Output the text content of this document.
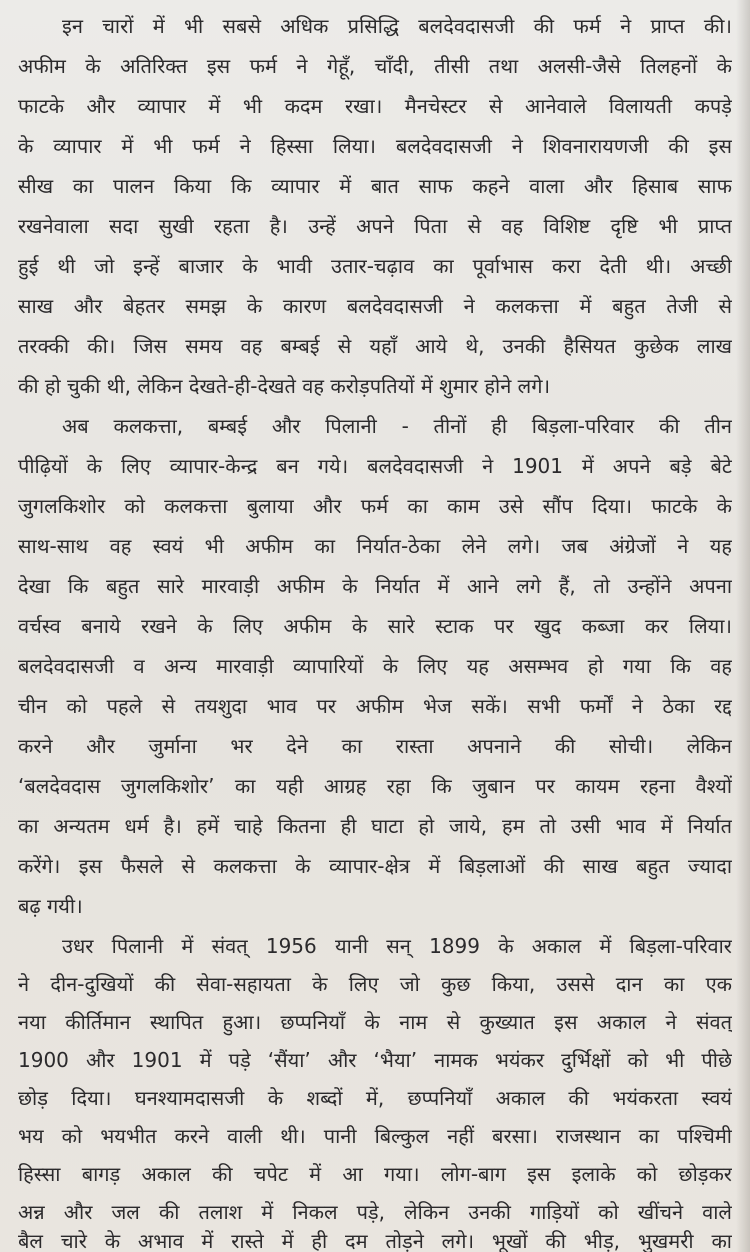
इन चारों में भी सबसे अधिक प्रसिद्धि बलदेवदासजी की फर्म ने प्राप्त की।
अफीम के अतिरिक्त इस फर्म ने गेहूँ, चाँदी, तीसी तथा अलसी-जैसे तिलहनों के
फाटके और व्यापार में भी कदम रखा। मैनचेस्टर से आनेवाले विलायती कपड़े
के व्यापार में भी फर्म ने हिस्सा लिया। बलदेवदासजी ने शिवनारायणजी की इस
सीख का पालन किया कि व्यापार में बात साफ कहने वाला और हिसाब साफ
रखनेवाला सदा सुखी रहता है। उन्हें अपने पिता से वह विशिष्ट दृष्टि भी प्राप्त
हुई थी जो इन्हें बाजार के भावी उतार-चढ़ाव का पूर्वाभास करा देती थी। अच्छी
साख और बेहतर समझ के कारण बलदेवदासजी ने कलकत्ता में बहुत तेजी से
तरक्की की। जिस समय वह बम्बई से यहाँ आये थे, उनकी हैसियत कुछेक लाख
की हो चुकी थी, लेकिन देखते-ही-देखते वह करोड़पतियों में शुमार होने लगे।
अब कलकत्ता, बम्बई और पिलानी - तीनों ही बिड़ला-परिवार की तीन
पीढ़ियों के लिए व्यापार-केन्द्र बन गये। बलदेवदासजी ने 1901 में अपने बड़े बेटे
जुगलकिशोर को कलकत्ता बुलाया और फर्म का काम उसे सौंप दिया। फाटके के
साथ-साथ वह स्वयं भी अफीम का निर्यात-ठेका लेने लगे। जब अंग्रेजों ने यह
देखा कि बहुत सारे मारवाड़ी अफीम के निर्यात में आने लगे हैं, तो उन्होंने अपना
वर्चस्व बनाये रखने के लिए अफीम के सारे स्टाक पर खुद कब्जा कर लिया।
बलदेवदासजी व अन्य मारवाड़ी व्यापारियों के लिए यह असम्भव हो गया कि वह
चीन को पहले से तयशुदा भाव पर अफीम भेज सकें। सभी फर्मों ने ठेका रद्द
करने और जुर्माना भर देने का रास्ता अपनाने की सोची। लेकिन
‘बलदेवदास जुगलकिशोर’ का यही आग्रह रहा कि जुबान पर कायम रहना वैश्यों
का अन्यतम धर्म है। हमें चाहे कितना ही घाटा हो जाये, हम तो उसी भाव में निर्यात
करेंगे। इस फैसले से कलकत्ता के व्यापार-क्षेत्र में बिड़लाओं की साख बहुत ज्यादा
बढ़ गयी।
उधर पिलानी में संवत् 1956 यानी सन् 1899 के अकाल में बिड़ला-परिवार
ने दीन-दुखियों की सेवा-सहायता के लिए जो कुछ किया, उससे दान का एक
नया कीर्तिमान स्थापित हुआ। छप्पनियाँ के नाम से कुख्यात इस अकाल ने संवत्
1900 और 1901 में पड़े ‘सैंया’ और ‘भैया’ नामक भयंकर दुर्भिक्षों को भी पीछे
छोड़ दिया। घनश्यामदासजी के शब्दों में, छप्पनियाँ अकाल की भयंकरता स्वयं
भय को भयभीत करने वाली थी। पानी बिल्कुल नहीं बरसा। राजस्थान का पश्चिमी
हिस्सा बागड़ अकाल की चपेट में आ गया। लोग-बाग इस इलाके को छोड़कर
अन्न और जल की तलाश में निकल पड़े, लेकिन उनकी गाड़ियों को खींचने वाले
बैल चारे के अभाव में रास्ते में ही दम तोड़ने लगे। भूखों की भीड़, भुखमरी का
